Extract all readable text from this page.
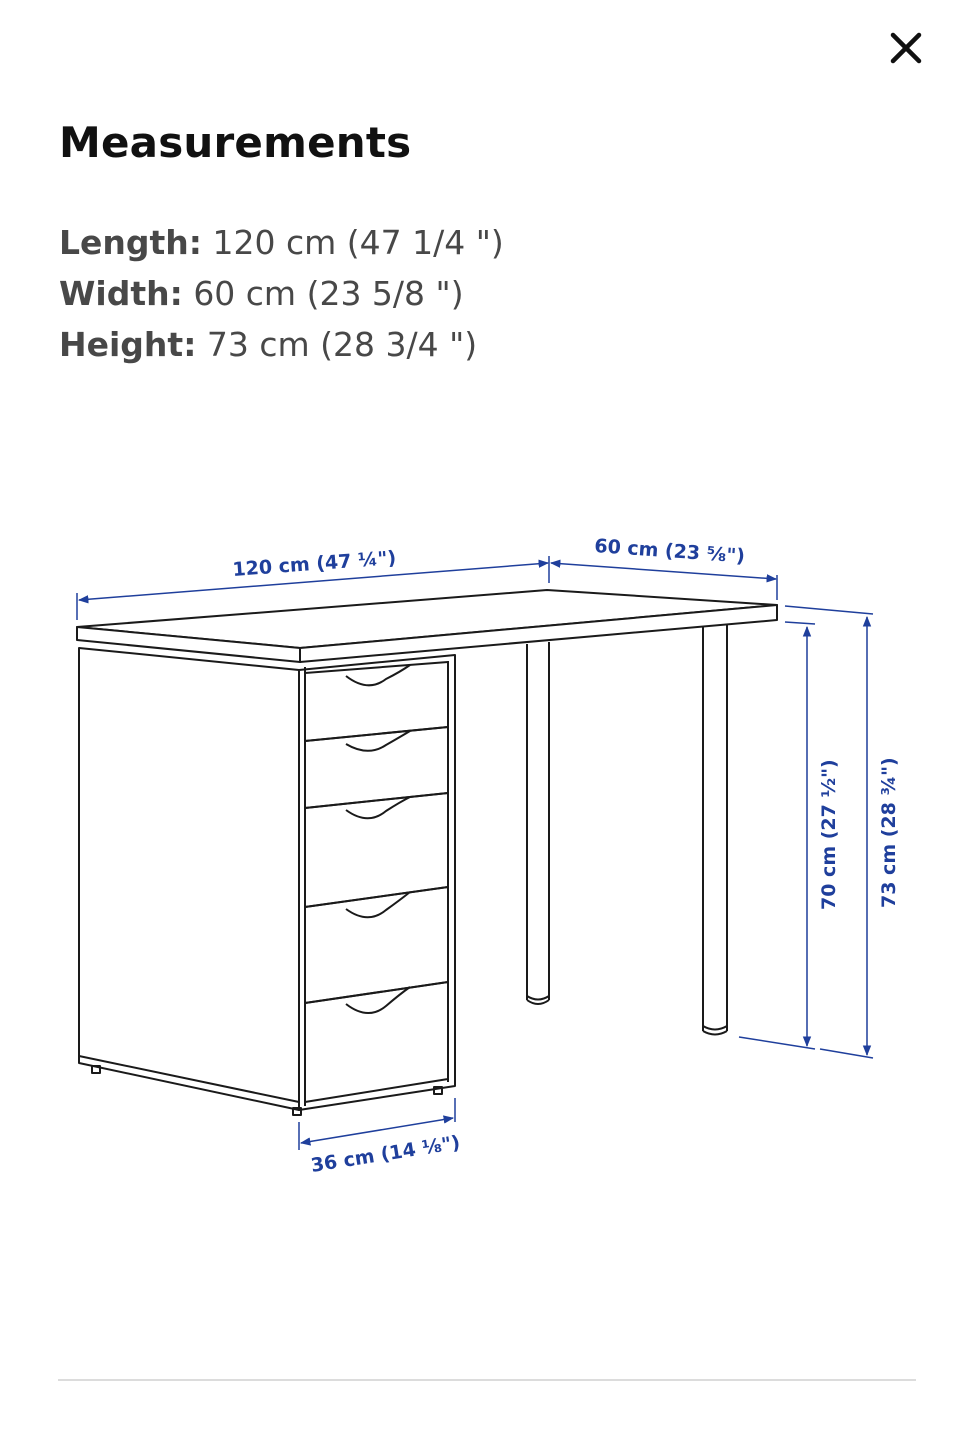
Measurements
Length: 120 cm (47 1/4 ")
Width: 60 cm (23 5/8 ")
Height: 73 cm (28 3/4 ")
120 cm (47 ¼")	60 cm (23 ⅝")
70 cm (27 ½") 73 cm (28 ¾")
36 cm (14 ⅛")
